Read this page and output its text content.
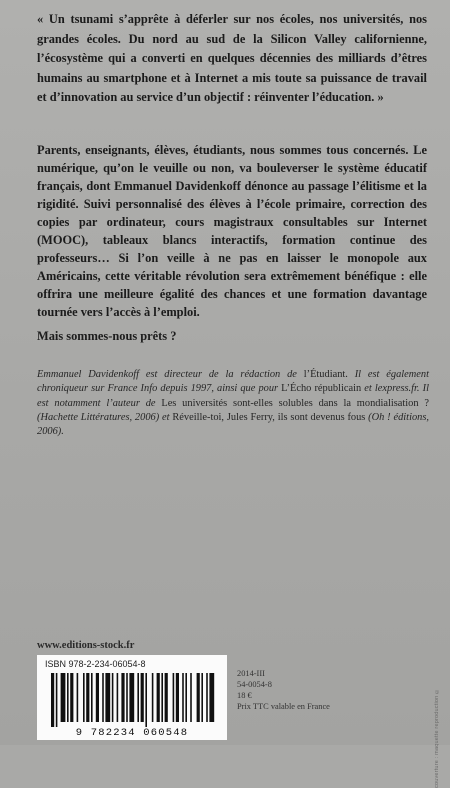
« Un tsunami s’apprête à déferler sur nos écoles, nos universités, nos grandes écoles. Du nord au sud de la Silicon Valley californienne, l’écosystème qui a converti en quelques décennies des milliards d’êtres humains au smartphone et à Internet a mis toute sa puissance de travail et d’innovation au service d’un objectif : réinventer l’éducation. »

Parents, enseignants, élèves, étudiants, nous sommes tous concernés. Le numérique, qu’on le veuille ou non, va bouleverser le système éducatif français, dont Emmanuel Davidenkoff dénonce au passage l’élitisme et la rigidité. Suivi personnalisé des élèves à l’école primaire, correction des copies par ordinateur, cours magistraux consultables sur Internet (MOOC), tableaux blancs interactifs, formation continue des professeurs… Si l’on veille à ne pas en laisser le monopole aux Américains, cette véritable révolution sera extrêmement bénéfique : elle offrira une meilleure égalité des chances et une formation davantage tournée vers l’accès à l’emploi.

Mais sommes-nous prêts ?

Emmanuel Davidenkoff est directeur de la rédaction de l’Étudiant. Il est également chroniqueur sur France Info depuis 1997, ainsi que pour L’Écho républicain et lexpress.fr. Il est notamment l’auteur de Les universités sont-elles solubles dans la mondialisation ? (Hachette Littératures, 2006) et Réveille-toi, Jules Ferry, ils sont devenus fous (Oh ! éditions, 2006).

www.editions-stock.fr

ISBN 978-2-234-06054-8

9 782234 060548
2014-III
54-0054-8
18 €
Prix TTC valable en France	couverture : maquette reproduction ©
